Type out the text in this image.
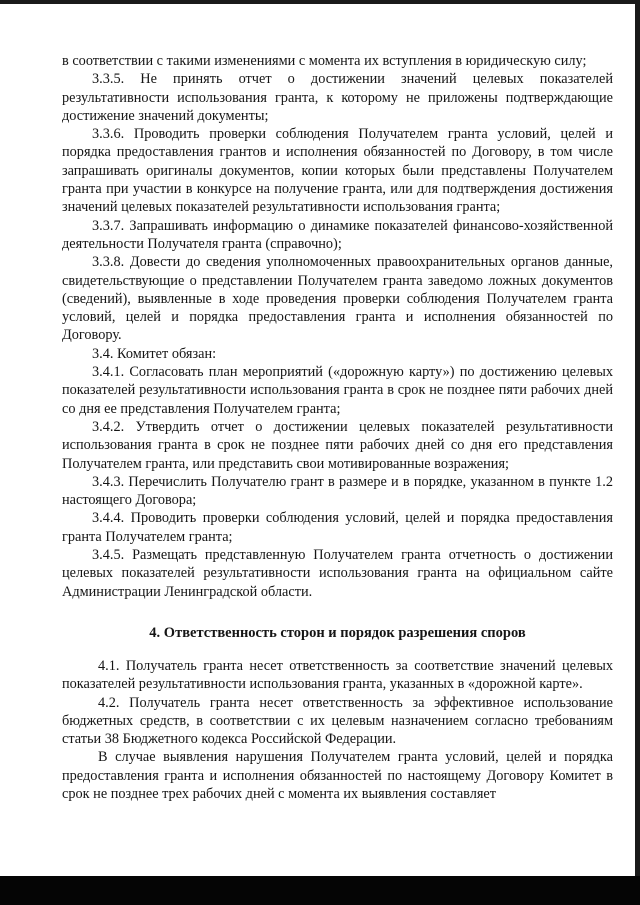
в соответствии с такими изменениями с момента их вступления в юридическую силу;

3.3.5. Не принять отчет о достижении значений целевых показателей результативности использования гранта, к которому не приложены подтверждающие достижение значений документы;

3.3.6. Проводить проверки соблюдения Получателем гранта условий, целей и порядка предоставления грантов и исполнения обязанностей по Договору, в том числе запрашивать оригиналы документов, копии которых были представлены Получателем гранта при участии в конкурсе на получение гранта, или для подтверждения достижения значений целевых показателей результативности использования гранта;

3.3.7. Запрашивать информацию о динамике показателей финансово-хозяйственной деятельности Получателя гранта (справочно);

3.3.8. Довести до сведения уполномоченных правоохранительных органов данные, свидетельствующие о представлении Получателем гранта заведомо ложных документов (сведений), выявленные в ходе проведения проверки соблюдения Получателем гранта условий, целей и порядка предоставления гранта и исполнения обязанностей по Договору.

3.4. Комитет обязан:

3.4.1. Согласовать план мероприятий («дорожную карту») по достижению целевых показателей результативности использования гранта в срок не позднее пяти рабочих дней со дня ее представления Получателем гранта;

3.4.2. Утвердить отчет о достижении целевых показателей результативности использования гранта в срок не позднее пяти рабочих дней со дня его представления Получателем гранта, или представить свои мотивированные возражения;

3.4.3. Перечислить Получателю грант в размере и в порядке, указанном в пункте 1.2 настоящего Договора;

3.4.4. Проводить проверки соблюдения условий, целей и порядка предоставления гранта Получателем гранта;

3.4.5. Размещать представленную Получателем гранта отчетность о достижении целевых показателей результативности использования гранта на официальном сайте Администрации Ленинградской области.

4. Ответственность сторон и порядок разрешения споров

4.1. Получатель гранта несет ответственность за соответствие значений целевых показателей результативности использования гранта, указанных в «дорожной карте».

4.2. Получатель гранта несет ответственность за эффективное использование бюджетных средств, в соответствии с их целевым назначением согласно требованиям статьи 38 Бюджетного кодекса Российской Федерации.

В случае выявления нарушения Получателем гранта условий, целей и порядка предоставления гранта и исполнения обязанностей по настоящему Договору Комитет в срок не позднее трех рабочих дней с момента их выявления составляет
